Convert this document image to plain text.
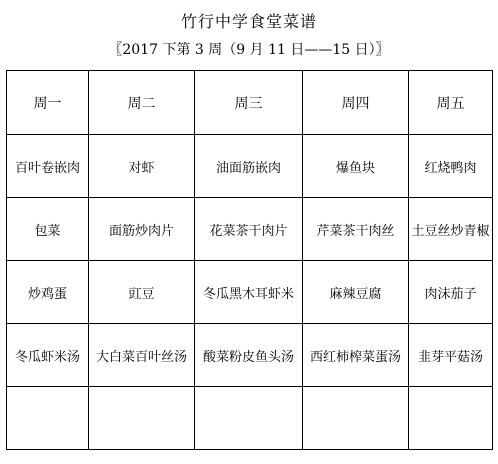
竹行中学食堂菜谱
〖2017 下第 3 周（9 月 11 日——15 日）〗
周一	周二	周三	周四	周五
百叶卷嵌肉	对虾	油面筋嵌肉	爆鱼块	红烧鸭肉
包菜	面筋炒肉片	花菜茶干肉片	芹菜茶干肉丝	土豆丝炒青椒
炒鸡蛋	豇豆	冬瓜黑木耳虾米	麻辣豆腐	肉沫茄子
冬瓜虾米汤	大白菜百叶丝汤	酸菜粉皮鱼头汤	西红柿榨菜蛋汤	韭芽平菇汤
